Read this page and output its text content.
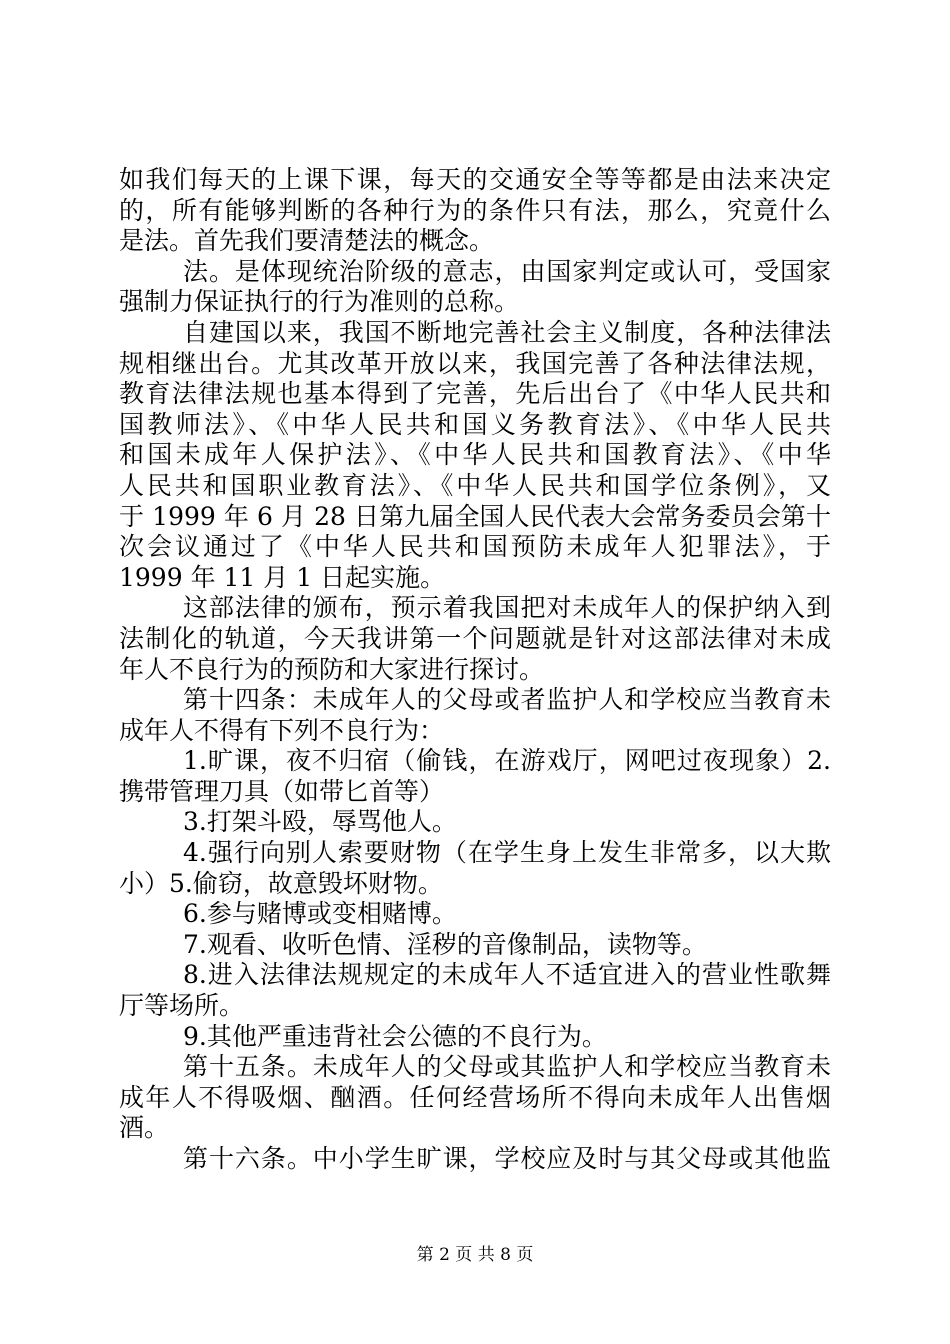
如我们每天的上课下课，每天的交通安全等等都是由法来决定
的，所有能够判断的各种行为的条件只有法，那么，究竟什么
是法。首先我们要清楚法的概念。
法。是体现统治阶级的意志，由国家判定或认可，受国家
强制力保证执行的行为准则的总称。
自建国以来，我国不断地完善社会主义制度，各种法律法
规相继出台。尤其改革开放以来，我国完善了各种法律法规，
教育法律法规也基本得到了完善，先后出台了《中华人民共和
国教师法》、《中华人民共和国义务教育法》、《中华人民共
和国未成年人保护法》、《中华人民共和国教育法》、《中华
人民共和国职业教育法》、《中华人民共和国学位条例》，又
于 1999 年 6 月 28 日第九届全国人民代表大会常务委员会第十
次会议通过了《中华人民共和国预防未成年人犯罪法》，于
1999 年 11 月 1 日起实施。
这部法律的颁布，预示着我国把对未成年人的保护纳入到
法制化的轨道，今天我讲第一个问题就是针对这部法律对未成
年人不良行为的预防和大家进行探讨。
第十四条：未成年人的父母或者监护人和学校应当教育未
成年人不得有下列不良行为：
1.旷课，夜不归宿（偷钱，在游戏厅，网吧过夜现象）2.
携带管理刀具（如带匕首等）
3.打架斗殴，辱骂他人。
4.强行向别人索要财物（在学生身上发生非常多，以大欺
小）5.偷窃，故意毁坏财物。
6.参与赌博或变相赌博。
7.观看、收听色情、淫秽的音像制品，读物等。
8.进入法律法规规定的未成年人不适宜进入的营业性歌舞
厅等场所。
9.其他严重违背社会公德的不良行为。
第十五条。未成年人的父母或其监护人和学校应当教育未
成年人不得吸烟、酗酒。任何经营场所不得向未成年人出售烟
酒。
第十六条。中小学生旷课，学校应及时与其父母或其他监
第 2 页 共 8 页
